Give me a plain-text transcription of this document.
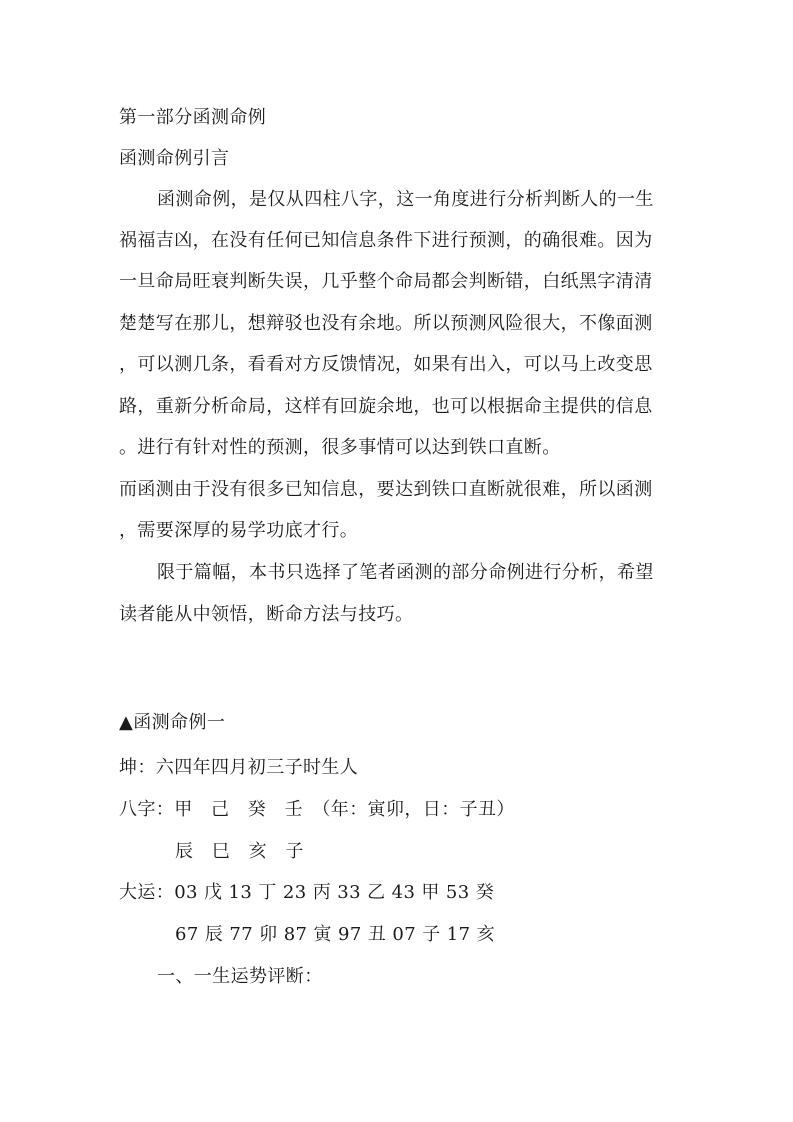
第一部分函测命例
函测命例引言
函测命例，是仅从四柱八字，这一角度进行分析判断人的一生
祸福吉凶，在没有任何已知信息条件下进行预测，的确很难。因为
一旦命局旺衰判断失误，几乎整个命局都会判断错，白纸黑字清清
楚楚写在那儿，想辩驳也没有余地。所以预测风险很大，不像面测
，可以测几条，看看对方反馈情况，如果有出入，可以马上改变思
路，重新分析命局，这样有回旋余地，也可以根据命主提供的信息
。进行有针对性的预测，很多事情可以达到铁口直断。
而函测由于没有很多已知信息，要达到铁口直断就很难，所以函测
，需要深厚的易学功底才行。
限于篇幅，本书只选择了笔者函测的部分命例进行分析，希望
读者能从中领悟，断命方法与技巧。
▲函测命例一
坤：六四年四月初三子时生人
八字：甲　己　癸　壬　（年：寅卯，日：子丑）
辰　巳　亥　子
大运：03 戊 13 丁 23 丙 33 乙 43 甲 53 癸
67 辰 77 卯 87 寅 97 丑 07 子 17 亥
一、一生运势评断：
